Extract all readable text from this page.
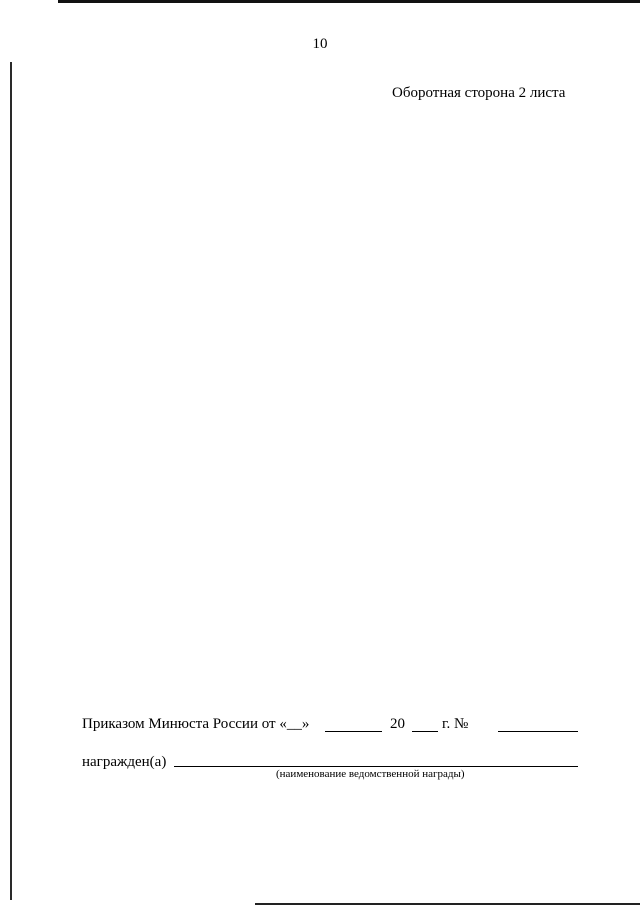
10
Оборотная сторона 2 листа
Приказом Минюста России от «__»	20 г. №
награжден(а)
(наименование ведомственной награды)
